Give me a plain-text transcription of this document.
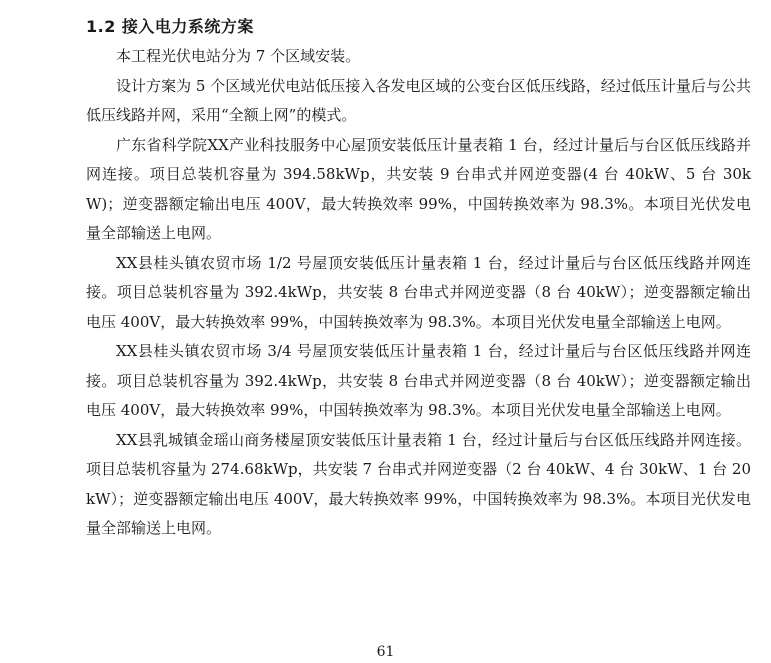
1.2 接入电力系统方案

本工程光伏电站分为 7 个区域安装。

设计方案为 5 个区域光伏电站低压接入各发电区域的公变台区低压线路，经过低压计量后与公共低压线路并网，采用“全额上网”的模式。

广东省科学院XX产业科技服务中心屋顶安装低压计量表箱 1 台，经过计量后与台区低压线路并网连接。项目总装机容量为 394.58kWp，共安装 9 台串式并网逆变器(4 台 40kW、5 台 30kW)；逆变器额定输出电压 400V，最大转换效率 99%，中国转换效率为 98.3%。本项目光伏发电量全部输送上电网。

XX县桂头镇农贸市场 1/2 号屋顶安装低压计量表箱 1 台，经过计量后与台区低压线路并网连接。项目总装机容量为 392.4kWp，共安装 8 台串式并网逆变器（8 台 40kW）；逆变器额定输出电压 400V，最大转换效率 99%，中国转换效率为 98.3%。本项目光伏发电量全部输送上电网。

XX县桂头镇农贸市场 3/4 号屋顶安装低压计量表箱 1 台，经过计量后与台区低压线路并网连接。项目总装机容量为 392.4kWp，共安装 8 台串式并网逆变器（8 台 40kW）；逆变器额定输出电压 400V，最大转换效率 99%，中国转换效率为 98.3%。本项目光伏发电量全部输送上电网。

XX县乳城镇金瑶山商务楼屋顶安装低压计量表箱 1 台，经过计量后与台区低压线路并网连接。项目总装机容量为 274.68kWp，共安装 7 台串式并网逆变器（2 台 40kW、4 台 30kW、1 台 20kW）；逆变器额定输出电压 400V，最大转换效率 99%，中国转换效率为 98.3%。本项目光伏发电量全部输送上电网。

61
